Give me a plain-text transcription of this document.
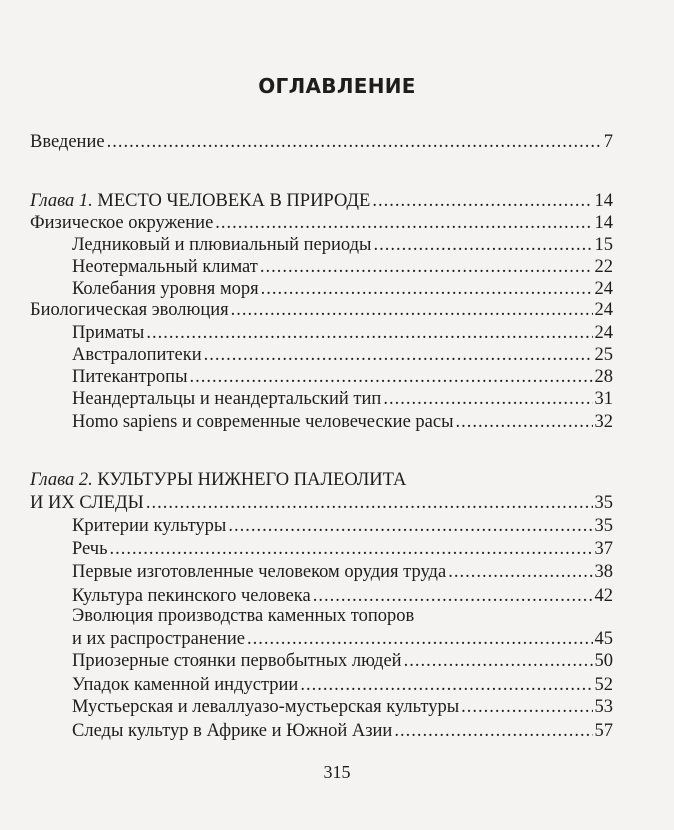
ОГЛАВЛЕНИЕ
Введение .....	7
Глава 1. МЕСТО ЧЕЛОВЕКА В ПРИРОДЕ .....	14
Физическое окружение .....	14
Ледниковый и плювиальный периоды .....	15
Неотермальный климат .....	22
Колебания уровня моря .....	24
Биологическая эволюция .....	24
Приматы .....	24
Австралопитеки .....	25
Питекантропы .....	28
Неандертальцы и неандертальский тип .....	31
Homo sapiens и современные человеческие расы .....	32
Глава 2. КУЛЬТУРЫ НИЖНЕГО ПАЛЕОЛИТА
И ИХ СЛЕДЫ .....	35
Критерии культуры .....	35
Речь .....	37
Первые изготовленные человеком орудия труда .....	38
Культура пекинского человека .....	42
Эволюция производства каменных топоров
и их распространение .....	45
Приозерные стоянки первобытных людей .....	50
Упадок каменной индустрии .....	52
Мустьерская и леваллуазо-мустьерская культуры .....	53
Следы культур в Африке и Южной Азии .....	57
315
